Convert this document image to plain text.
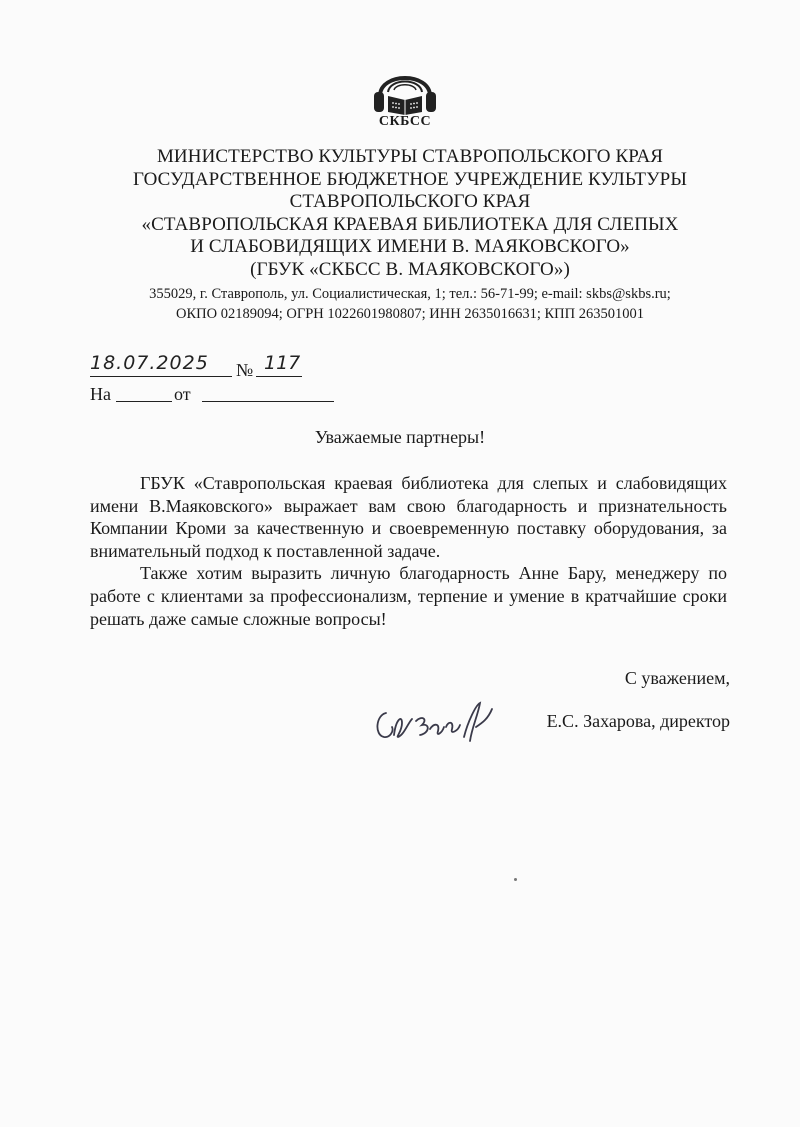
СКБСС
МИНИСТЕРСТВО КУЛЬТУРЫ СТАВРОПОЛЬСКОГО КРАЯ
ГОСУДАРСТВЕННОЕ БЮДЖЕТНОЕ УЧРЕЖДЕНИЕ КУЛЬТУРЫ
СТАВРОПОЛЬСКОГО КРАЯ
«СТАВРОПОЛЬСКАЯ КРАЕВАЯ БИБЛИОТЕКА ДЛЯ СЛЕПЫХ
И СЛАБОВИДЯЩИХ ИМЕНИ В. МАЯКОВСКОГО»
(ГБУК «СКБСС В. МАЯКОВСКОГО»)
355029, г. Ставрополь, ул. Социалистическая, 1; тел.: 56-71-99; e-mail: skbs@skbs.ru;
ОКПО 02189094; ОГРН 1022601980807; ИНН 2635016631; КПП 263501001
18.07.2025 № 117
На	от
Уважаемые партнеры!

ГБУК «Ставропольская краевая библиотека для слепых и слабовидящих имени В.Маяковского» выражает вам свою благодарность и признательность Компании Кроми за качественную и своевременную поставку оборудования, за внимательный подход к поставленной задаче.

Также хотим выразить личную благодарность Анне Бару, менеджеру по работе с клиентами за профессионализм, терпение и умение в кратчайшие сроки решать даже самые сложные вопросы!

С уважением,
Е.С. Захарова, директор
